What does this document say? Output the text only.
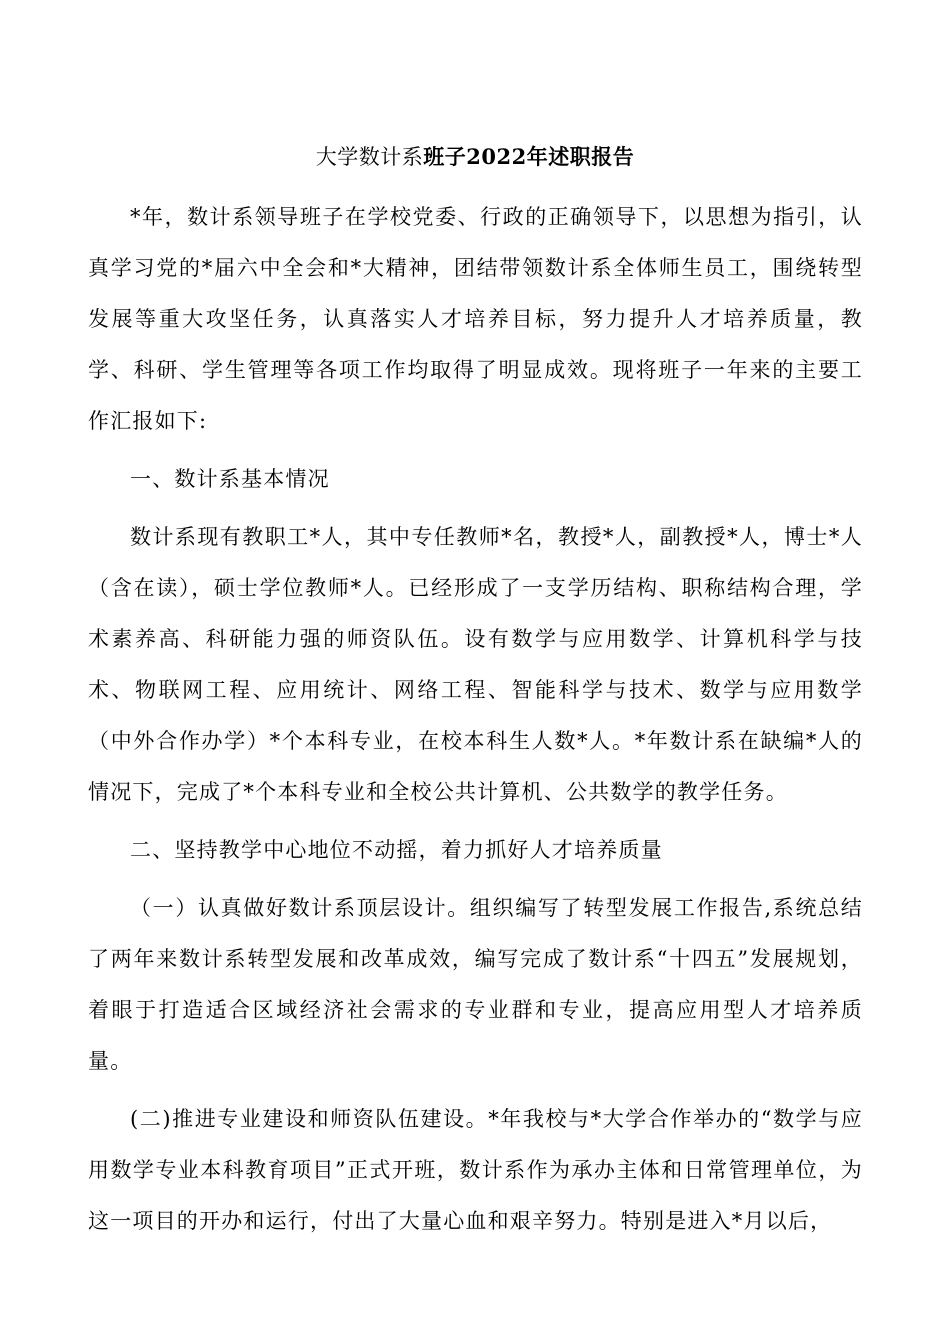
大学数计系班子2022年述职报告

*年，数计系领导班子在学校党委、行政的正确领导下，以思想为指引，认真学习党的*届六中全会和*大精神，团结带领数计系全体师生员工，围绕转型发展等重大攻坚任务，认真落实人才培养目标，努力提升人才培养质量，教学、科研、学生管理等各项工作均取得了明显成效。现将班子一年来的主要工作汇报如下:

一、数计系基本情况

数计系现有教职工*人，其中专任教师*名，教授*人，副教授*人，博士*人（含在读），硕士学位教师*人。已经形成了一支学历结构、职称结构合理，学术素养高、科研能力强的师资队伍。设有数学与应用数学、计算机科学与技术、物联网工程、应用统计、网络工程、智能科学与技术、数学与应用数学（中外合作办学）*个本科专业，在校本科生人数*人。*年数计系在缺编*人的情况下，完成了*个本科专业和全校公共计算机、公共数学的教学任务。

二、坚持教学中心地位不动摇，着力抓好人才培养质量

（一）认真做好数计系顶层设计。组织编写了转型发展工作报告,系统总结了两年来数计系转型发展和改革成效，编写完成了数计系“十四五”发展规划，着眼于打造适合区域经济社会需求的专业群和专业，提高应用型人才培养质量。

(二)推进专业建设和师资队伍建设。*年我校与*大学合作举办的“数学与应用数学专业本科教育项目”正式开班，数计系作为承办主体和日常管理单位，为这一项目的开办和运行，付出了大量心血和艰辛努力。特别是进入*月以后，
